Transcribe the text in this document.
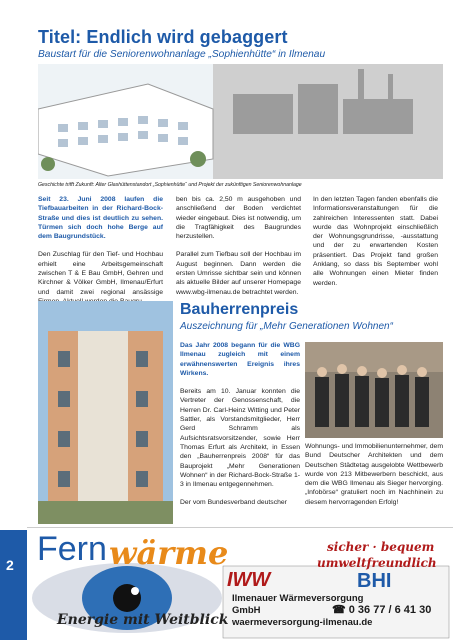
2
Titel: Endlich wird gebaggert
Baustart für die Seniorenwohnanlage „Sophienhütte“ in Ilmenau
Geschichte trifft Zukunft: Alter Glashüttenstandort „Sophienhütte“ und Projekt der zukünftigen Seniorenwohnanlage

Seit 23. Juni 2008 laufen die Tiefbauarbeiten in der Richard-Bock-Straße und dies ist deutlich zu sehen. Türmen sich doch hohe Berge auf dem Baugrundstück.

Den Zuschlag für den Tief- und Hochbau erhielt eine Arbeitsgemeinschaft zwischen T & E Bau GmbH, Gehren und Kirchner & Völker GmbH, Ilmenau/Erfurt und damit zwei regional ansässige

ben bis ca. 2,50 m ausgehoben und anschließend der Boden verdichtet wieder eingebaut. Dies ist notwendig, um die Tragfähigkeit des Baugrundes herzustellen.

Parallel zum Tiefbau soll der Hochbau im August beginnen. Dann werden die ersten Umrisse sichtbar sein und können als aktuelle Bilder auf unserer Homepage www.wbg-ilmenau.de betrachtet werden.

In den letzten Tagen fanden ebenfalls die Informationsveranstaltungen für die zahlreichen Interessenten statt. Dabei wurde das Wohnprojekt einschließlich der Wohnungsgrundrisse, -ausstattung und der zu erwartenden Kosten präsentiert. Das Projekt fand großen Anklang, so dass bis September wohl alle Wohnungen einen Mieter finden werden.

Bauherrenpreis
Auszeichnung für „Mehr Generationen Wohnen“

Das Jahr 2008 begann für die WBG Ilmenau zugleich mit einem erwähnenswerten Ereignis ihres Wirkens.

Bereits am 10. Januar konnten die Vertreter der Genossenschaft, die Herren Dr. Carl-Heinz Witting und Peter Sattler, als Vorstandsmitglieder, Herr Gerd Schramm als Aufsichtsratsvorsitzender, sowie Herr Thomas Erfurt als Architekt, in Essen den „Bauherrenpreis 2008“ für das Bauprojekt „Mehr Generationen Wohnen“ in der Richard-Bock-Straße 1-3 in Ilmenau entgegennehmen.

Der vom Bundesverband deutscher

Wohnungs- und Immobilienunternehmer, dem Bund Deutscher Architekten und dem Deutschen Städtetag ausgelobte Wettbewerb wurde von 213 Mitbewerbern beschickt, aus dem die WBG Ilmenau als Sieger hervorging. „Infobörse“ gratuliert noch im Nachhinein zu diesem hervorragenden Erfolg!

Fern wärme	sicher · bequem
umweltfreundlich
IWW	BHI
Ilmenauer Wärmeversorgung
GmbH	☎ 0 36 77 / 6 41 30
waermeversorgung-ilmenau.de
Energie mit Weitblick
